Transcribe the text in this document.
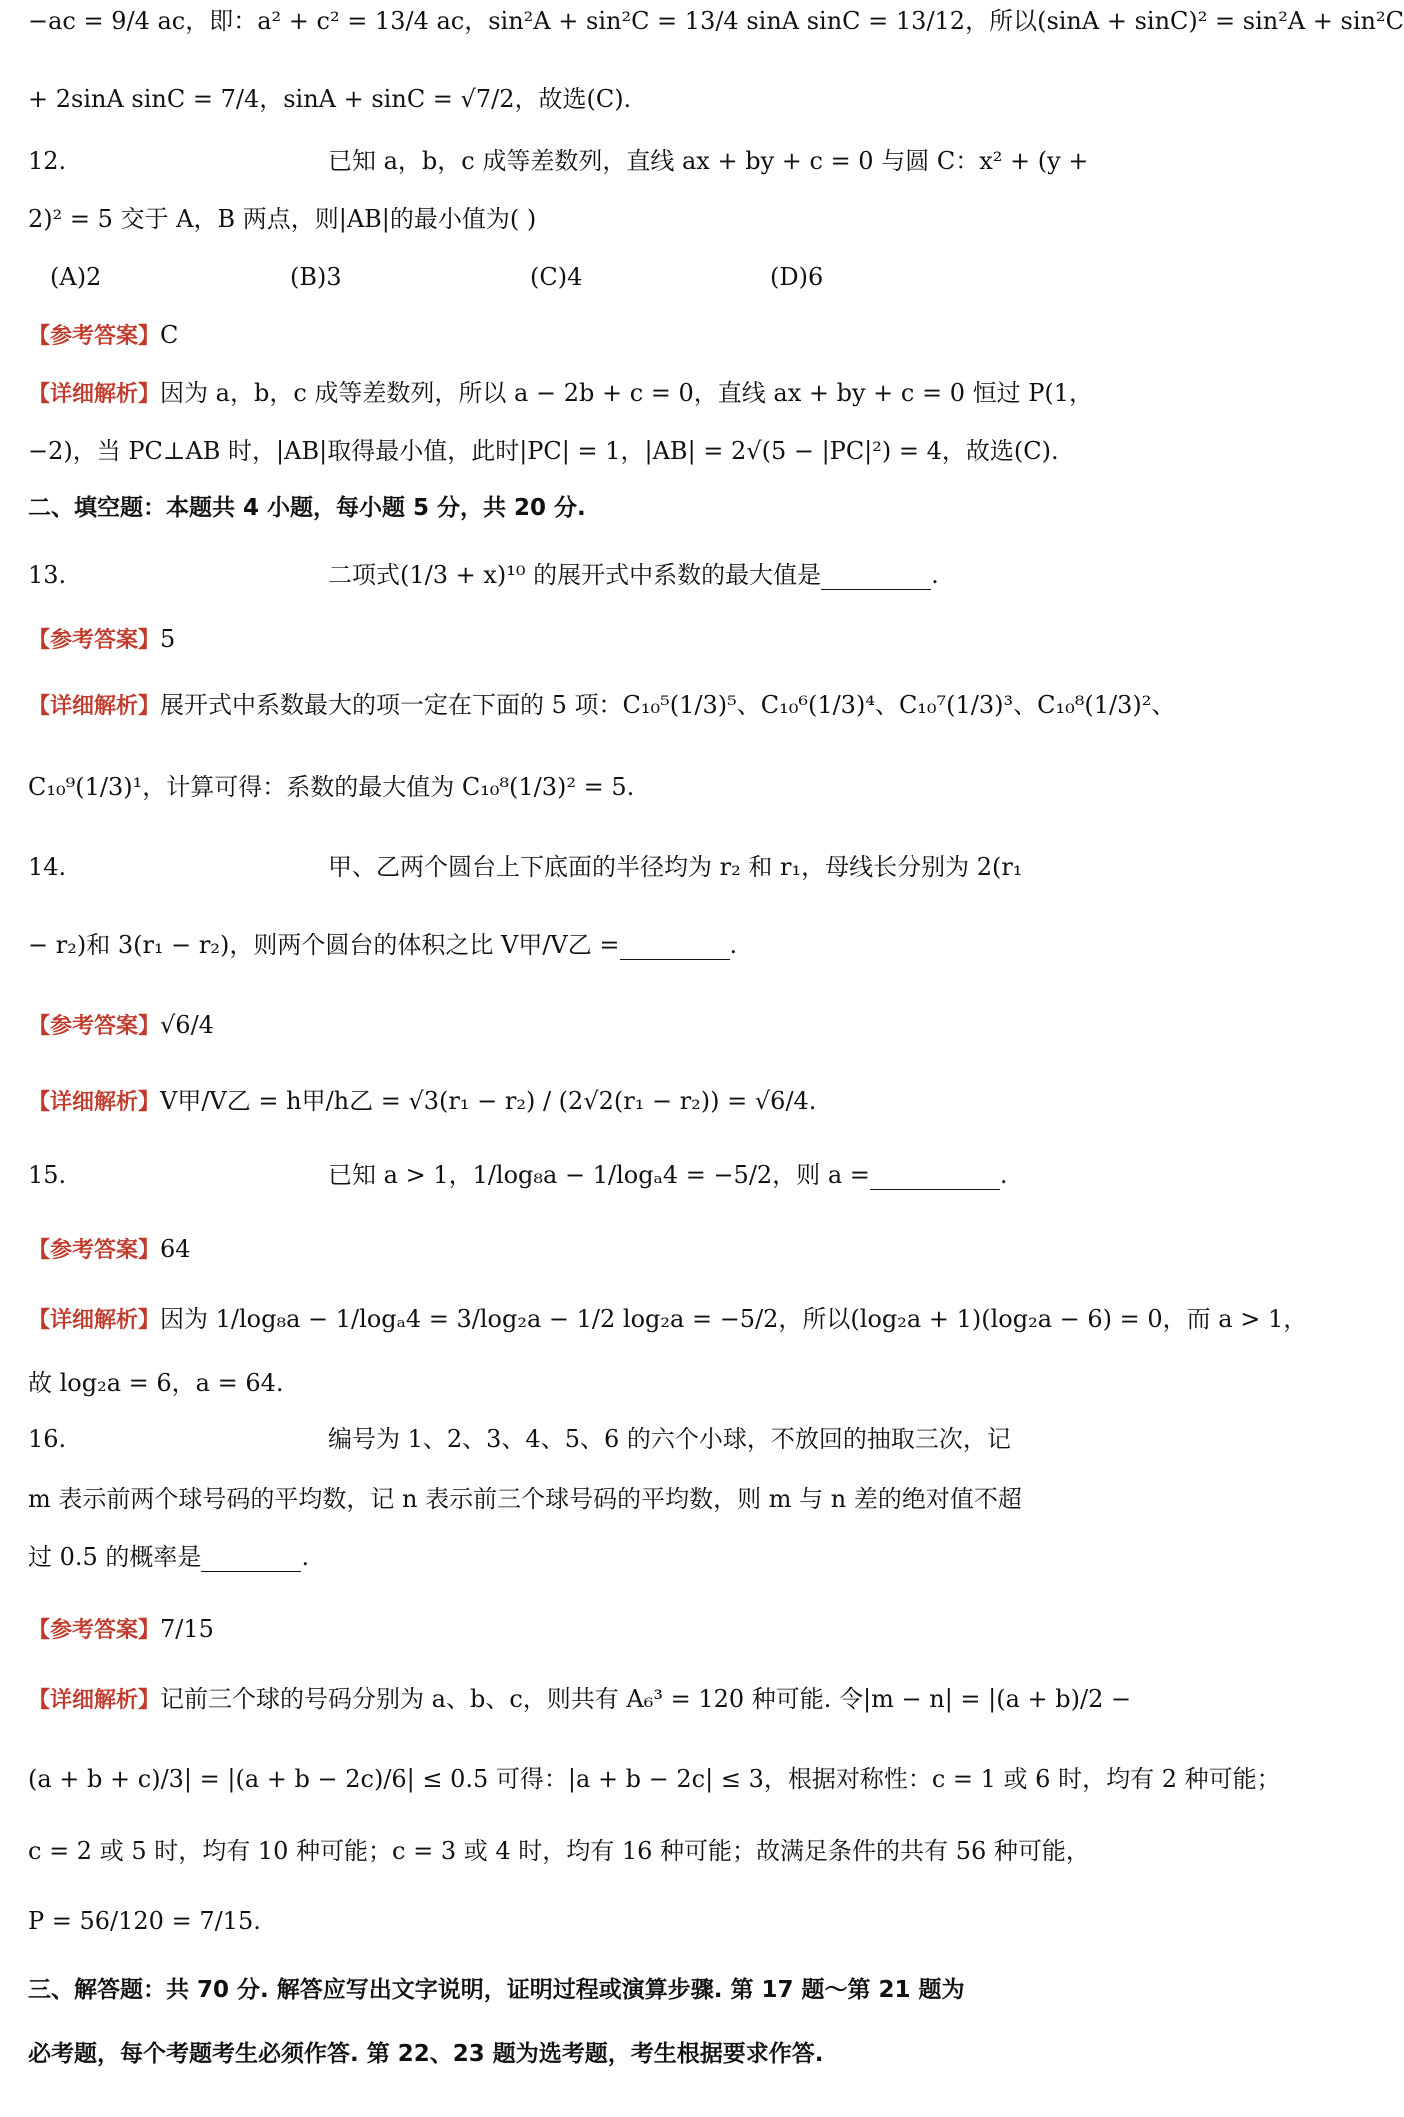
−ac = 9/4 ac，即：a² + c² = 13/4 ac，sin²A + sin²C = 13/4 sinA sinC = 13/12，所以(sinA + sinC)² = sin²A + sin²C
+ 2sinA sinC = 7/4，sinA + sinC = √7/2，故选(C).
12.	已知 a，b，c 成等差数列，直线 ax + by + c = 0 与圆 C：x² + (y +
2)² = 5 交于 A，B 两点，则|AB|的最小值为( )
(A)2	(B)3	(C)4	(D)6
【参考答案】C
【详细解析】因为 a，b，c 成等差数列，所以 a − 2b + c = 0，直线 ax + by + c = 0 恒过 P(1，
−2)，当 PC⊥AB 时，|AB|取得最小值，此时|PC| = 1，|AB| = 2√(5 − |PC|²) = 4，故选(C).
二、填空题：本题共 4 小题，每小题 5 分，共 20 分.
13.	二项式(1/3 + x)¹⁰ 的展开式中系数的最大值是	.
【参考答案】5
【详细解析】展开式中系数最大的项一定在下面的 5 项：C₁₀⁵(1/3)⁵、C₁₀⁶(1/3)⁴、C₁₀⁷(1/3)³、C₁₀⁸(1/3)²、
C₁₀⁹(1/3)¹，计算可得：系数的最大值为 C₁₀⁸(1/3)² = 5.
14.	甲、乙两个圆台上下底面的半径均为 r₂ 和 r₁，母线长分别为 2(r₁
− r₂)和 3(r₁ − r₂)，则两个圆台的体积之比 V甲/V乙 =	.
【参考答案】√6/4
【详细解析】V甲/V乙 = h甲/h乙 = √3(r₁ − r₂) / (2√2(r₁ − r₂)) = √6/4.
15.	已知 a > 1，1/log₈a − 1/logₐ4 = −5/2，则 a =	.
【参考答案】64
【详细解析】因为 1/log₈a − 1/logₐ4 = 3/log₂a − 1/2 log₂a = −5/2，所以(log₂a + 1)(log₂a − 6) = 0，而 a > 1，
故 log₂a = 6，a = 64.
16.	编号为 1、2、3、4、5、6 的六个小球，不放回的抽取三次，记
m 表示前两个球号码的平均数，记 n 表示前三个球号码的平均数，则 m 与 n 差的绝对值不超
过 0.5 的概率是	.
【参考答案】7/15
【详细解析】记前三个球的号码分别为 a、b、c，则共有 A₆³ = 120 种可能. 令|m − n| = |(a + b)/2 −
(a + b + c)/3| = |(a + b − 2c)/6| ≤ 0.5 可得：|a + b − 2c| ≤ 3，根据对称性：c = 1 或 6 时，均有 2 种可能；
c = 2 或 5 时，均有 10 种可能；c = 3 或 4 时，均有 16 种可能；故满足条件的共有 56 种可能，
P = 56/120 = 7/15.
三、解答题：共 70 分. 解答应写出文字说明，证明过程或演算步骤. 第 17 题～第 21 题为
必考题，每个考题考生必须作答. 第 22、23 题为选考题，考生根据要求作答.
